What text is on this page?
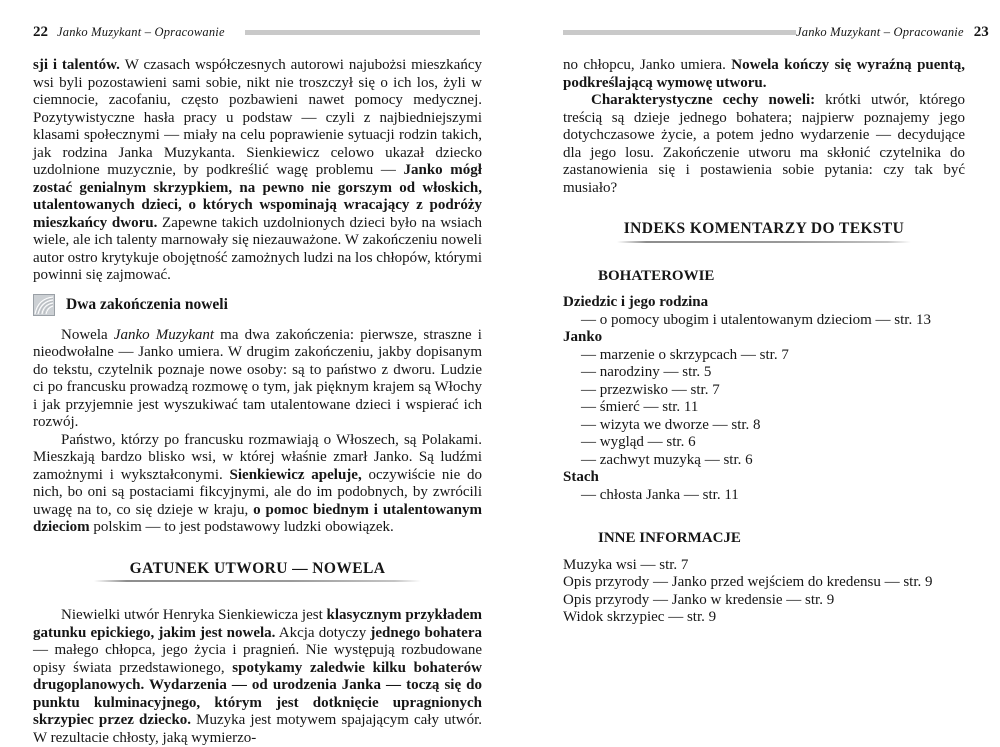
22 Janko Muzykant – Opracowanie
sji i talentów. W czasach współczesnych autorowi najubożsi mieszkańcy wsi byli pozostawieni sami sobie, nikt nie troszczył się o ich los, żyli w ciemnocie, zacofaniu, często pozbawieni nawet pomocy medycznej. Pozytywistyczne hasła pracy u podstaw — czyli z najbiedniejszymi klasami społecznymi — miały na celu poprawienie sytuacji rodzin takich, jak rodzina Janka Muzykanta. Sienkiewicz celowo ukazał dziecko uzdolnione muzycznie, by podkreślić wagę problemu — Janko mógł zostać genialnym skrzypkiem, na pewno nie gorszym od włoskich, utalentowanych dzieci, o których wspominają wracający z podróży mieszkańcy dworu. Zapewne takich uzdolnionych dzieci było na wsiach wiele, ale ich talenty marnowały się niezauważone. W zakończeniu noweli autor ostro krytykuje obojętność zamożnych ludzi na los chłopów, którymi powinni się zajmować.
Dwa zakończenia noweli
Nowela Janko Muzykant ma dwa zakończenia: pierwsze, straszne i nieodwołalne — Janko umiera. W drugim zakończeniu, jakby dopisanym do tekstu, czytelnik poznaje nowe osoby: są to państwo z dworu. Ludzie ci po francusku prowadzą rozmowę o tym, jak pięknym krajem są Włochy i jak przyjemnie jest wyszukiwać tam utalentowane dzieci i wspierać ich rozwój.
Państwo, którzy po francusku rozmawiają o Włoszech, są Polakami. Mieszkają bardzo blisko wsi, w której właśnie zmarł Janko. Są ludźmi zamożnymi i wykształconymi. Sienkiewicz apeluje, oczywiście nie do nich, bo oni są postaciami fikcyjnymi, ale do im podobnych, by zwrócili uwagę na to, co się dzieje w kraju, o pomoc biednym i utalentowanym dzieciom polskim — to jest podstawowy ludzki obowiązek.
GATUNEK UTWORU — NOWELA
Niewielki utwór Henryka Sienkiewicza jest klasycznym przykładem gatunku epickiego, jakim jest nowela. Akcja dotyczy jednego bohatera — małego chłopca, jego życia i pragnień. Nie występują rozbudowane opisy świata przedstawionego, spotykamy zaledwie kilku bohaterów drugoplanowych. Wydarzenia — od urodzenia Janka — toczą się do punktu kulminacyjnego, którym jest dotknięcie upragnionych skrzypiec przez dziecko. Muzyka jest motywem spajającym cały utwór. W rezultacie chłosty, jaką wymierzo-
Janko Muzykant – Opracowanie 23
no chłopcu, Janko umiera. Nowela kończy się wyraźną puentą, podkreślającą wymowę utworu.
Charakterystyczne cechy noweli: krótki utwór, którego treścią są dzieje jednego bohatera; najpierw poznajemy jego dotychczasowe życie, a potem jedno wydarzenie — decydujące dla jego losu. Zakończenie utworu ma skłonić czytelnika do zastanowienia się i postawienia sobie pytania: czy tak być musiało?
INDEKS KOMENTARZY DO TEKSTU
BOHATEROWIE
Dziedzic i jego rodzina
— o pomocy ubogim i utalentowanym dzieciom — str. 13
Janko
— marzenie o skrzypcach — str. 7
— narodziny — str. 5
— przezwisko — str. 7
— śmierć — str. 11
— wizyta we dworze — str. 8
— wygląd — str. 6
— zachwyt muzyką — str. 6
Stach
— chłosta Janka — str. 11
INNE INFORMACJE
Muzyka wsi — str. 7
Opis przyrody — Janko przed wejściem do kredensu — str. 9
Opis przyrody — Janko w kredensie — str. 9
Widok skrzypiec — str. 9
